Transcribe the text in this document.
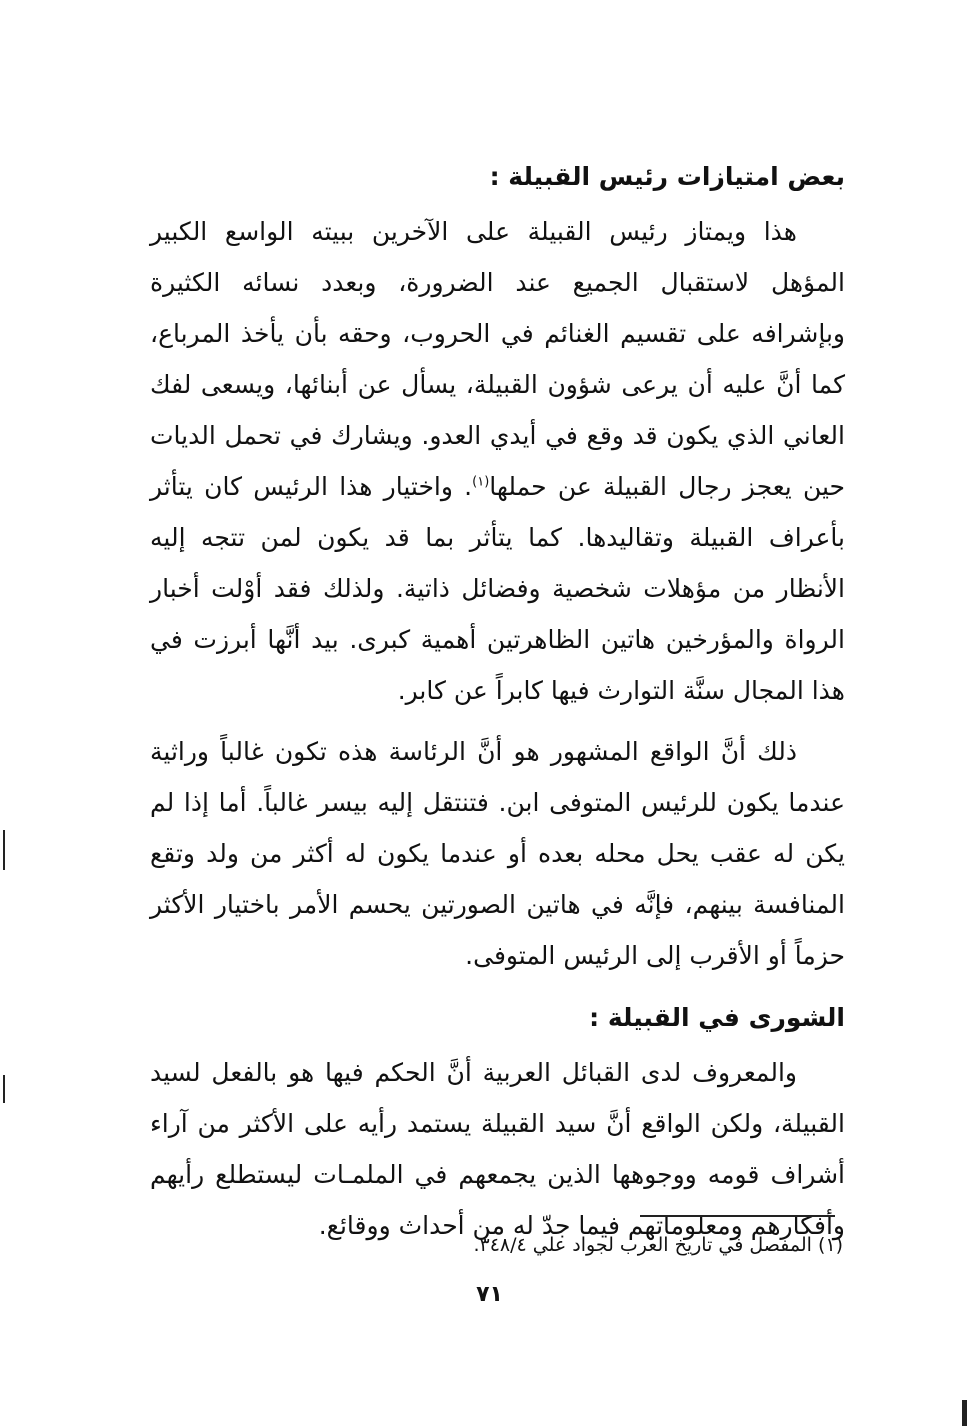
بعض امتيازات رئيس القبيلة :

هذا ويمتاز رئيس القبيلة على الآخرين ببيته الواسع الكبير المؤهل لاستقبال الجميع عند الضرورة، وبعدد نسائه الكثيرة وبإشرافه على تقسيم الغنائم في الحروب، وحقه بأن يأخذ المرباع، كما أنَّ عليه أن يرعى شؤون القبيلة، يسأل عن أبنائها، ويسعى لفك العاني الذي يكون قد وقع في أيدي العدو. ويشارك في تحمل الديات حين يعجز رجال القبيلة عن حملها$^{(١)}$. واختيار هذا الرئيس كان يتأثر بأعراف القبيلة وتقاليدها. كما يتأثر بما قد يكون لمن تتجه إليه الأنظار من مؤهلات شخصية وفضائل ذاتية. ولذلك فقد أوْلت أخبار الرواة والمؤرخين هاتين الظاهرتين أهمية كبرى. بيد أنَّها أبرزت في هذا المجال سنَّة التوارث فيها كابراً عن كابر.

ذلك أنَّ الواقع المشهور هو أنَّ الرئاسة هذه تكون غالباً وراثية عندما يكون للرئيس المتوفى ابن. فتنتقل إليه بيسر غالباً. أما إذا لم يكن له عقب يحل محله بعده أو عندما يكون له أكثر من ولد وتقع المنافسة بينهم، فإنَّه في هاتين الصورتين يحسم الأمر باختيار الأكثر حزماً أو الأقرب إلى الرئيس المتوفى.

الشورى في القبيلة :

والمعروف لدى القبائل العربية أنَّ الحكم فيها هو بالفعل لسيد القبيلة، ولكن الواقع أنَّ سيد القبيلة يستمد رأيه على الأكثر من آراء أشراف قومه ووجوهها الذين يجمعهم في الملمـات ليستطلع رأيهم وأفكارهم ومعلوماتهم فيما جدّ له من أحداث ووقائع.

(١) المفصل في تاريخ العرب لجواد علي ٣٤٨/٤.
٧١
